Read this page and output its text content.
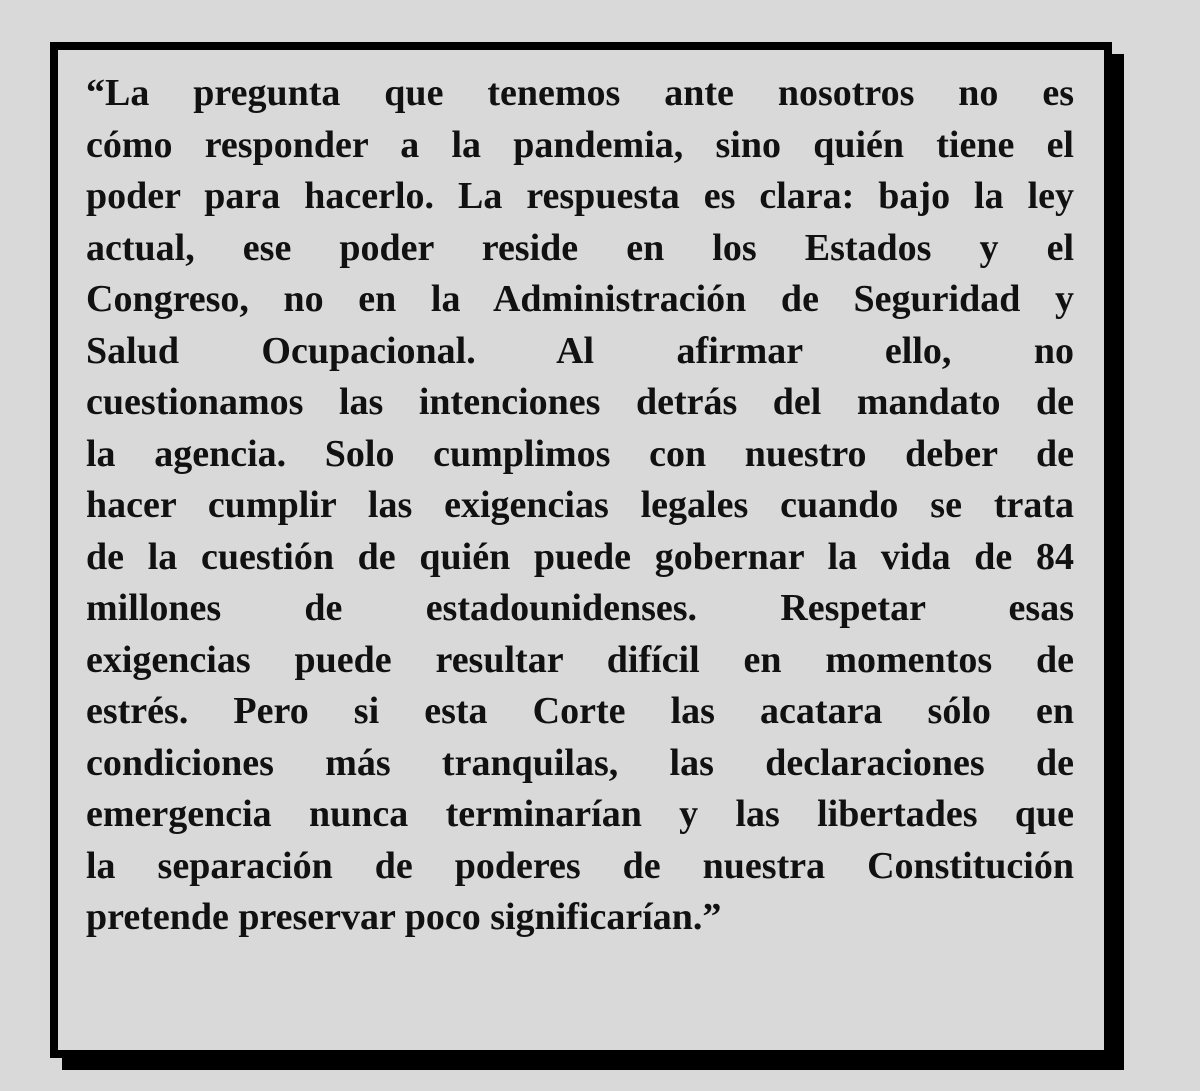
“La pregunta que tenemos ante nosotros no es
cómo responder a la pandemia, sino quién tiene el
poder para hacerlo. La respuesta es clara: bajo la ley
actual, ese poder reside en los Estados y el
Congreso, no en la Administración de Seguridad y
Salud Ocupacional. Al afirmar ello, no
cuestionamos las intenciones detrás del mandato de
la agencia. Solo cumplimos con nuestro deber de
hacer cumplir las exigencias legales cuando se trata
de la cuestión de quién puede gobernar la vida de 84
millones de estadounidenses. Respetar esas
exigencias puede resultar difícil en momentos de
estrés. Pero si esta Corte las acatara sólo en
condiciones más tranquilas, las declaraciones de
emergencia nunca terminarían y las libertades que
la separación de poderes de nuestra Constitución
pretende preservar poco significarían.”
